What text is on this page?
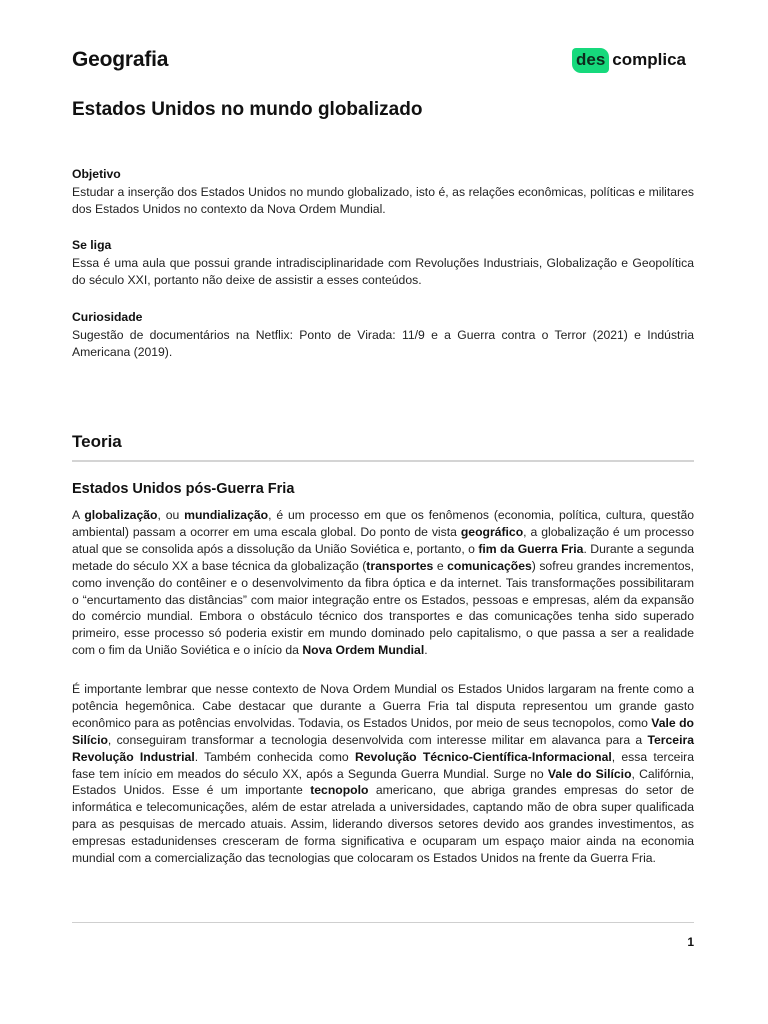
Geografia	des complica
Estados Unidos no mundo globalizado
Objetivo
Estudar a inserção dos Estados Unidos no mundo globalizado, isto é, as relações econômicas, políticas e militares dos Estados Unidos no contexto da Nova Ordem Mundial.
Se liga
Essa é uma aula que possui grande intradisciplinaridade com Revoluções Industriais, Globalização e Geopolítica do século XXI, portanto não deixe de assistir a esses conteúdos.
Curiosidade
Sugestão de documentários na Netflix: Ponto de Virada: 11/9 e a Guerra contra o Terror (2021) e Indústria Americana (2019).
Teoria
Estados Unidos pós-Guerra Fria
A globalização, ou mundialização, é um processo em que os fenômenos (economia, política, cultura, questão ambiental) passam a ocorrer em uma escala global. Do ponto de vista geográfico, a globalização é um processo atual que se consolida após a dissolução da União Soviética e, portanto, o fim da Guerra Fria. Durante a segunda metade do século XX a base técnica da globalização (transportes e comunicações) sofreu grandes incrementos, como invenção do contêiner e o desenvolvimento da fibra óptica e da internet. Tais transformações possibilitaram o “encurtamento das distâncias” com maior integração entre os Estados, pessoas e empresas, além da expansão do comércio mundial. Embora o obstáculo técnico dos transportes e das comunicações tenha sido superado primeiro, esse processo só poderia existir em mundo dominado pelo capitalismo, o que passa a ser a realidade com o fim da União Soviética e o início da Nova Ordem Mundial.
É importante lembrar que nesse contexto de Nova Ordem Mundial os Estados Unidos largaram na frente como a potência hegemônica. Cabe destacar que durante a Guerra Fria tal disputa representou um grande gasto econômico para as potências envolvidas. Todavia, os Estados Unidos, por meio de seus tecnopolos, como Vale do Silício, conseguiram transformar a tecnologia desenvolvida com interesse militar em alavanca para a Terceira Revolução Industrial. Também conhecida como Revolução Técnico-Científica-Informacional, essa terceira fase tem início em meados do século XX, após a Segunda Guerra Mundial. Surge no Vale do Silício, Califórnia, Estados Unidos. Esse é um importante tecnopolo americano, que abriga grandes empresas do setor de informática e telecomunicações, além de estar atrelada a universidades, captando mão de obra super qualificada para as pesquisas de mercado atuais. Assim, liderando diversos setores devido aos grandes investimentos, as empresas estadunidenses cresceram de forma significativa e ocuparam um espaço maior ainda na economia mundial com a comercialização das tecnologias que colocaram os Estados Unidos na frente da Guerra Fria.
1
